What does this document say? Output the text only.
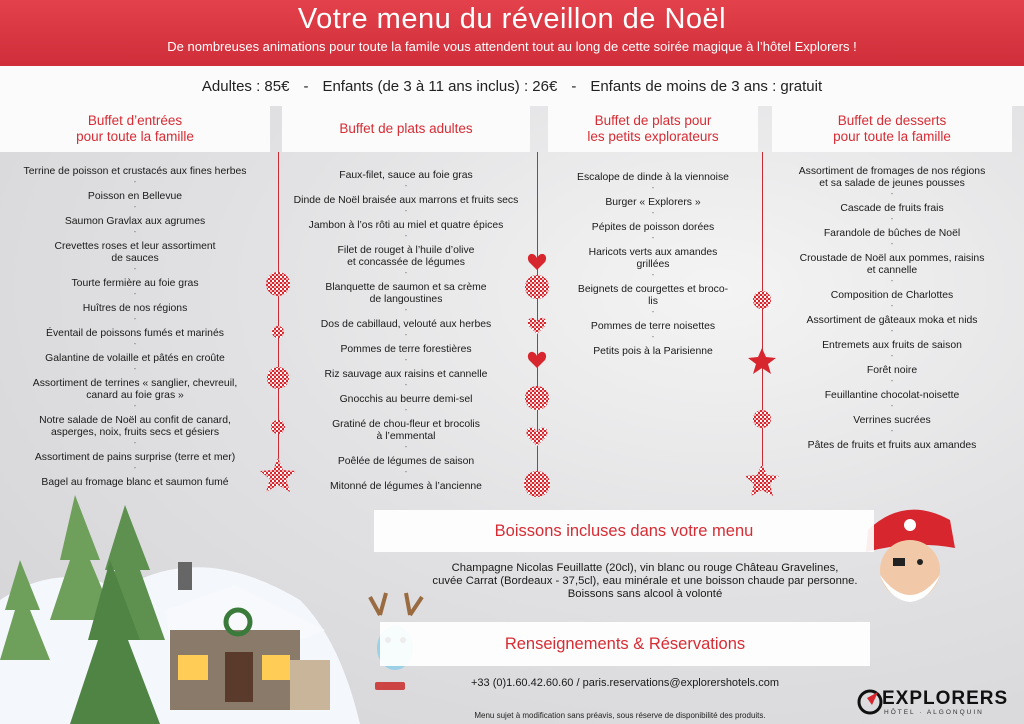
Votre menu du réveillon de Noël

De nombreuses animations pour toute la famile vous attendent tout au long de cette soirée magique à l’hôtel Explorers !

Adultes : 85€ - Enfants (de 3 à 11 ans inclus) : 26€ - Enfants de moins de 3 ans : gratuit
Buffet d’entrées
pour toute la famille
Terrine de poisson et crustacés aux fines herbes
-
Poisson en Bellevue
-
Saumon Gravlax aux agrumes
-
Crevettes roses et leur assortiment
de sauces
-
Tourte fermière au foie gras
-
Huîtres de nos régions
-
Éventail de poissons fumés et marinés
-
Galantine de volaille et pâtés en croûte
-
Assortiment de terrines « sanglier, chevreuil,
canard au foie gras »
-
Notre salade de Noël au confit de canard,
asperges, noix, fruits secs et gésiers
-
Assortiment de pains surprise (terre et mer)
-
Bagel au fromage blanc et saumon fumé
Buffet de plats adultes
Faux-filet, sauce au foie gras
-
Dinde de Noël braisée aux marrons et fruits secs
-
Jambon à l’os rôti au miel et quatre épices
-
Filet de rouget à l’huile d’olive
et concassée de légumes
-
Blanquette de saumon et sa crème
de langoustines
-
Dos de cabillaud, velouté aux herbes
-
Pommes de terre forestières
-
Riz sauvage aux raisins et cannelle
-
Gnocchis au beurre demi-sel
-
Gratiné de chou-fleur et brocolis
à l’emmental
-
Poêlée de légumes de saison
-
Mitonné de légumes à l’ancienne
Buffet de plats pour
les petits explorateurs
Escalope de dinde à la viennoise
-
Burger « Explorers »
-
Pépites de poisson dorées
-
Haricots verts aux amandes
grillées
-
Beignets de courgettes et broco-
lis
-
Pommes de terre noisettes
-
Petits pois à la Parisienne
Buffet de desserts
pour toute la famille
Assortiment de fromages de nos régions
et sa salade de jeunes pousses
-
Cascade de fruits frais
-
Farandole de bûches de Noël
-
Croustade de Noël aux pommes, raisins
et cannelle
-
Composition de Charlottes
-
Assortiment de gâteaux moka et nids
-
Entremets aux fruits de saison
-
Forêt noire
-
Feuillantine chocolat-noisette
-
Verrines sucrées
-
Pâtes de fruits et fruits aux amandes
Boissons incluses dans votre menu
Champagne Nicolas Feuillatte (20cl), vin blanc ou rouge Château Gravelines,
cuvée Carrat (Bordeaux - 37,5cl), eau minérale et une boisson chaude par personne.
Boissons sans alcool à volonté
Renseignements & Réservations
+33 (0)1.60.42.60.60 / paris.reservations@explorershotels.com
Menu sujet à modification sans préavis, sous réserve de disponibilité des produits.
EXPLORERS
HÔTEL · ALGONQUIN
